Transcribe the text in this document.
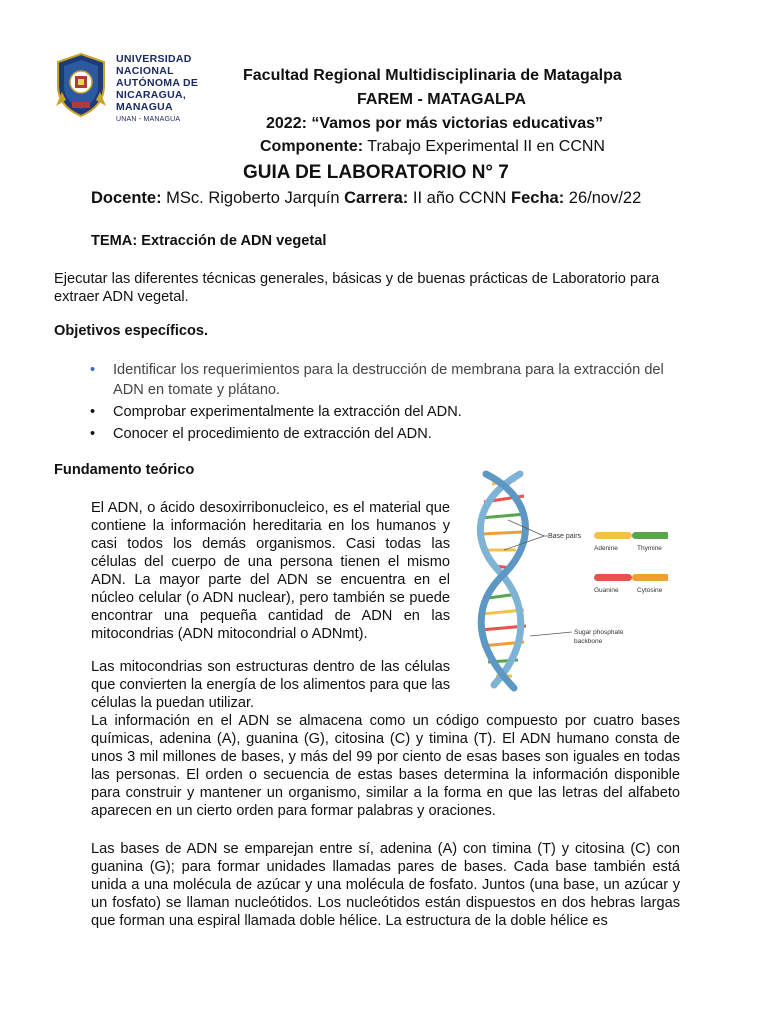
UNIVERSIDAD
NACIONAL
AUTÓNOMA DE
NICARAGUA,
MANAGUA
UNAN - MANAGUA
Facultad Regional Multidisciplinaria de Matagalpa
FAREM - MATAGALPA
2022: “Vamos por más victorias educativas”
Componente: Trabajo Experimental II en CCNN
GUIA DE LABORATORIO N° 7
Docente: MSc. Rigoberto Jarquín Carrera: II año CCNN Fecha: 26/nov/22
TEMA: Extracción de ADN vegetal
Ejecutar las diferentes técnicas generales, básicas y de buenas prácticas de Laboratorio para extraer ADN vegetal.
Objetivos específicos.
• Identificar los requerimientos para la destrucción de membrana para la extracción del ADN en tomate y plátano.
• Comprobar experimentalmente la extracción del ADN.
• Conocer el procedimiento de extracción del ADN.
Fundamento teórico
El ADN, o ácido desoxirribonucleico, es el material que contiene la información hereditaria en los humanos y casi todos los demás organismos. Casi todas las células del cuerpo de una persona tienen el mismo ADN. La mayor parte del ADN se encuentra en el núcleo celular (o ADN nuclear), pero también se puede encontrar una pequeña cantidad de ADN en las mitocondrias (ADN mitocondrial o ADNmt).
Las mitocondrias son estructuras dentro de las células que convierten la energía de los alimentos para que las células la puedan utilizar.
La información en el ADN se almacena como un código compuesto por cuatro bases químicas, adenina (A), guanina (G), citosina (C) y timina (T). El ADN humano consta de unos 3 mil millones de bases, y más del 99 por ciento de esas bases son iguales en todas las personas. El orden o secuencia de estas bases determina la información disponible para construir y mantener un organismo, similar a la forma en que las letras del alfabeto aparecen en un cierto orden para formar palabras y oraciones.
Las bases de ADN se emparejan entre sí, adenina (A) con timina (T) y citosina (C) con guanina (G); para formar unidades llamadas pares de bases. Cada base también está unida a una molécula de azúcar y una molécula de fosfato. Juntos (una base, un azúcar y un fosfato) se llaman nucleótidos. Los nucleótidos están dispuestos en dos hebras largas que forman una espiral llamada doble hélice. La estructura de la doble hélice es
Base pairs
Adenine	Thymine
Guanine	Cytosine
Sugar phosphate
backbone
